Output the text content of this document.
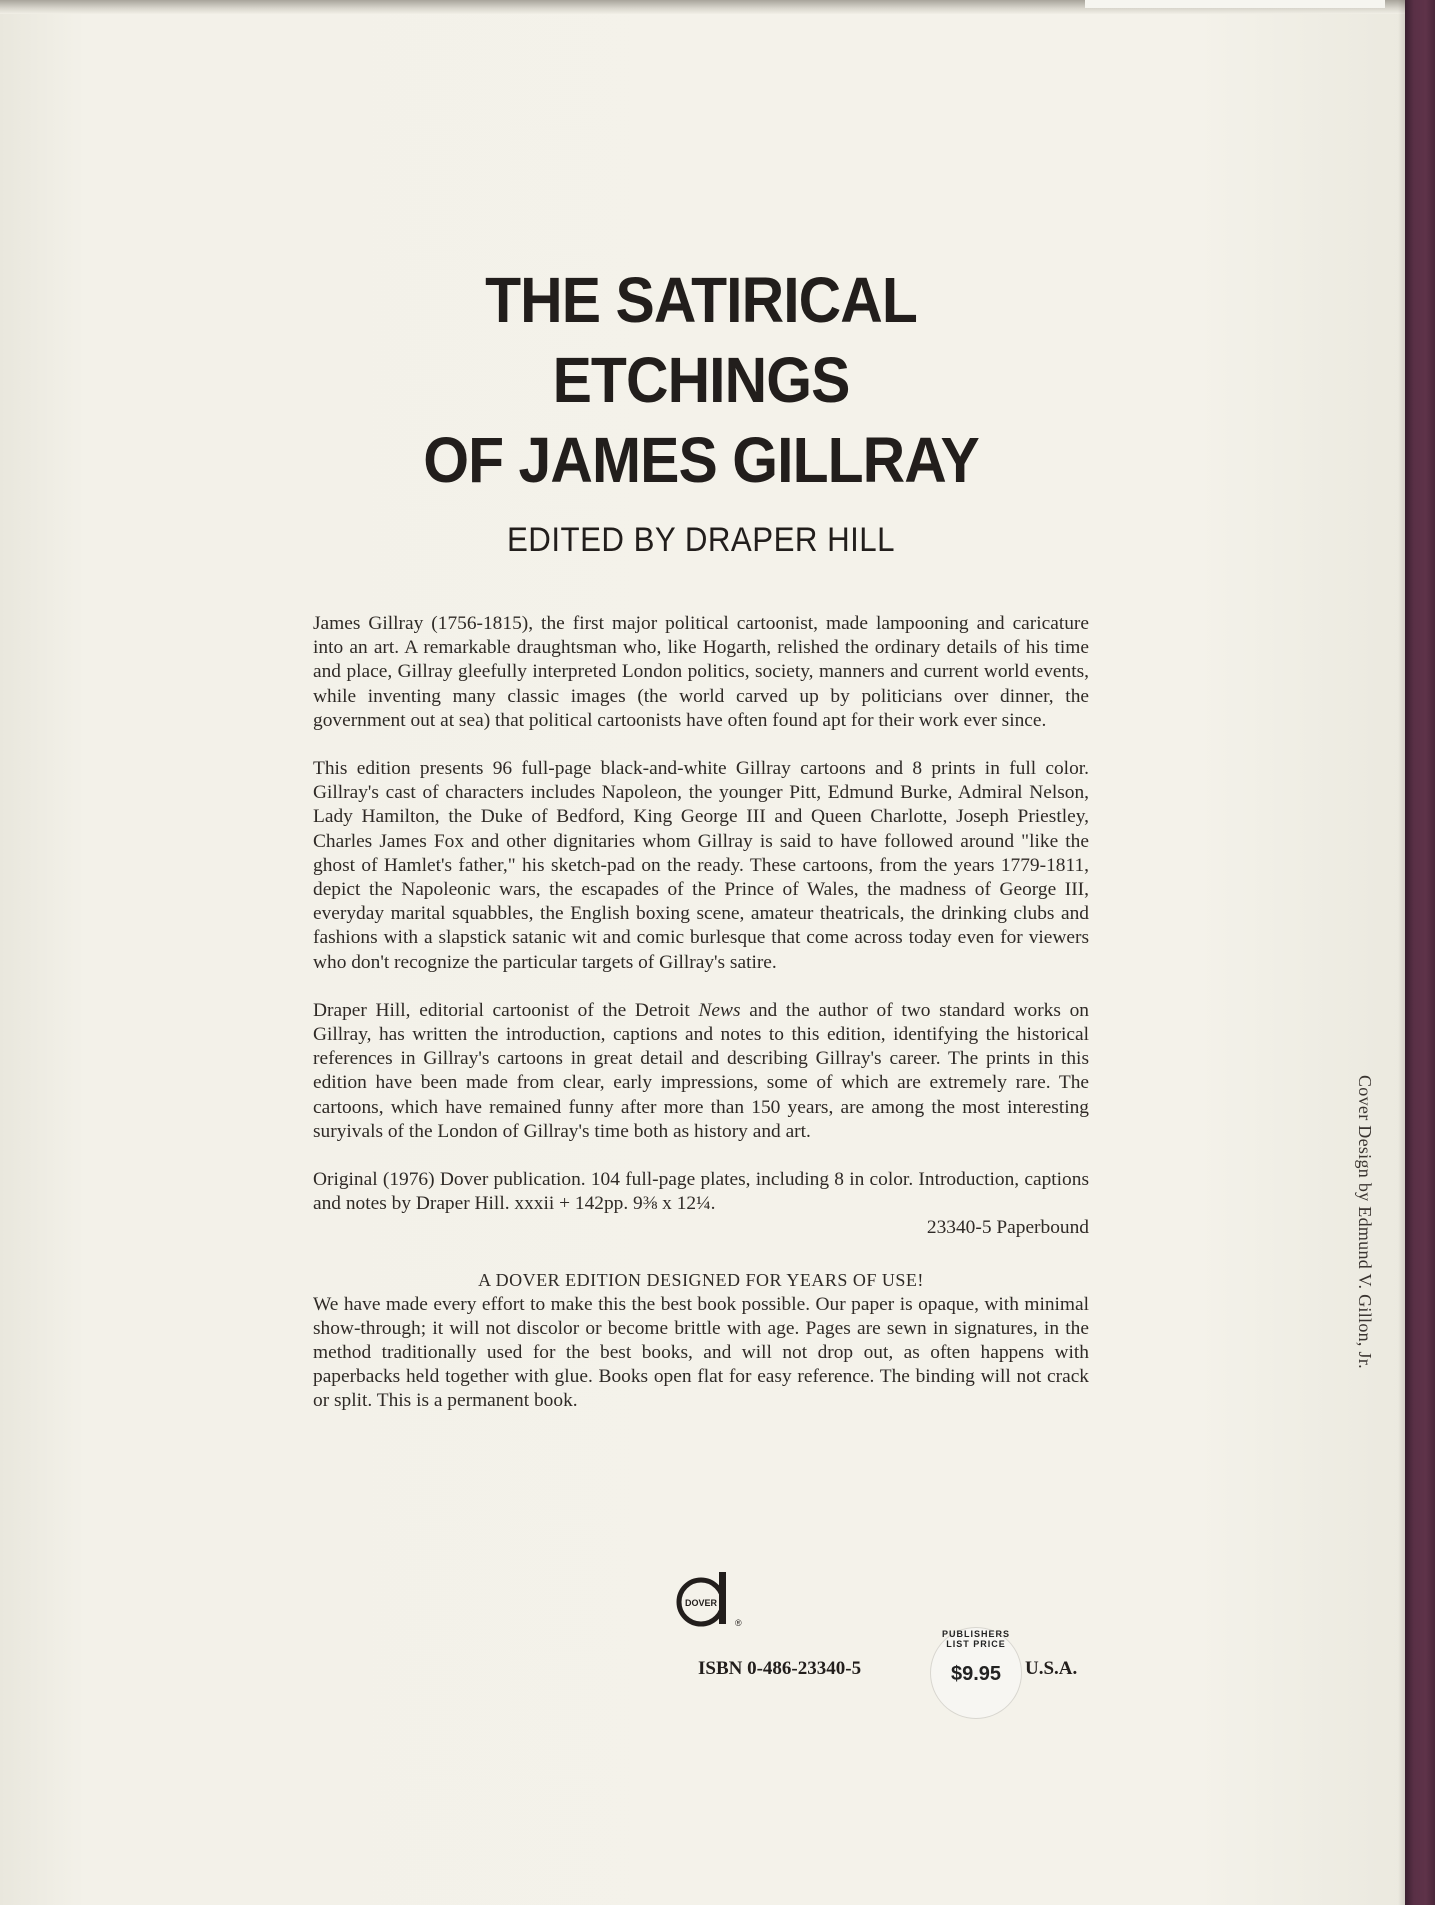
THE SATIRICAL ETCHINGS
OF JAMES GILLRAY
EDITED BY DRAPER HILL

James Gillray (1756-1815), the first major political cartoonist, made lampooning and caricature into an art. A remarkable draughtsman who, like Hogarth, relished the ordinary details of his time and place, Gillray gleefully interpreted London politics, society, manners and current world events, while inventing many classic images (the world carved up by politicians over dinner, the government out at sea) that political cartoonists have often found apt for their work ever since.

This edition presents 96 full-page black-and-white Gillray cartoons and 8 prints in full color. Gillray's cast of characters includes Napoleon, the younger Pitt, Edmund Burke, Admiral Nelson, Lady Hamilton, the Duke of Bedford, King George III and Queen Charlotte, Joseph Priestley, Charles James Fox and other dignitaries whom Gillray is said to have followed around "like the ghost of Hamlet's father," his sketch-pad on the ready. These cartoons, from the years 1779-1811, depict the Napoleonic wars, the escapades of the Prince of Wales, the madness of George III, everyday marital squabbles, the English boxing scene, amateur theatricals, the drinking clubs and fashions with a slapstick satanic wit and comic burlesque that come across today even for viewers who don't recognize the particular targets of Gillray's satire.

Draper Hill, editorial cartoonist of the Detroit News and the author of two standard works on Gillray, has written the introduction, captions and notes to this edition, identifying the historical references in Gillray's cartoons in great detail and describing Gillray's career. The prints in this edition have been made from clear, early impressions, some of which are extremely rare. The cartoons, which have remained funny after more than 150 years, are among the most interesting suryivals of the London of Gillray's time both as history and art.

Original (1976) Dover publication. 104 full-page plates, including 8 in color. Introduction, captions and notes by Draper Hill. xxxii + 142pp. 9⅜ x 12¼.
23340-5 Paperbound

A DOVER EDITION DESIGNED FOR YEARS OF USE!

We have made every effort to make this the best book possible. Our paper is opaque, with minimal show-through; it will not discolor or become brittle with age. Pages are sewn in signatures, in the method traditionally used for the best books, and will not drop out, as often happens with paperbacks held together with glue. Books open flat for easy reference. The binding will not crack or split. This is a permanent book.

DOVER
®
ISBN 0-486-23340-5
PUBLISHERS LIST PRICE
$9.95	U.S.A.
Cover Design by Edmund V. Gillon, Jr.
